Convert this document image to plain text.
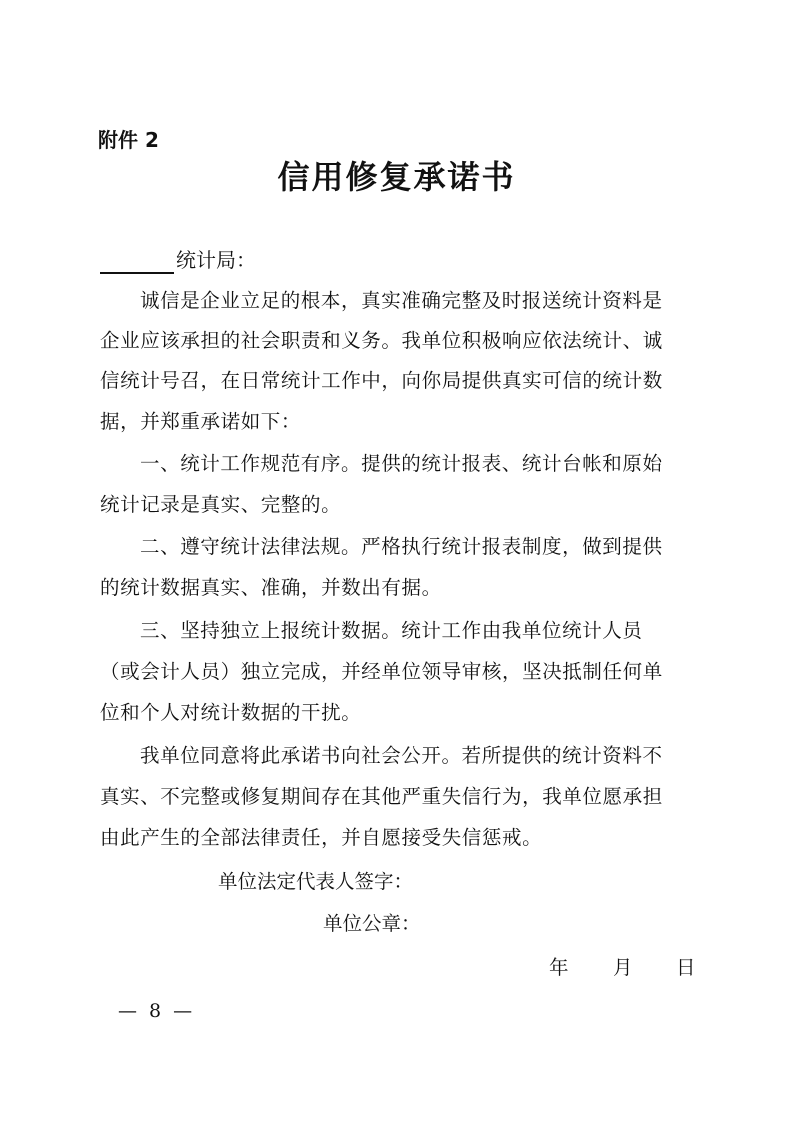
附件 2
信用修复承诺书
统计局：
诚信是企业立足的根本，真实准确完整及时报送统计资料是
企业应该承担的社会职责和义务。我单位积极响应依法统计、诚
信统计号召，在日常统计工作中，向你局提供真实可信的统计数
据，并郑重承诺如下：
一、统计工作规范有序。提供的统计报表、统计台帐和原始
统计记录是真实、完整的。
二、遵守统计法律法规。严格执行统计报表制度，做到提供
的统计数据真实、准确，并数出有据。
三、坚持独立上报统计数据。统计工作由我单位统计人员
（或会计人员）独立完成，并经单位领导审核，坚决抵制任何单
位和个人对统计数据的干扰。
我单位同意将此承诺书向社会公开。若所提供的统计资料不
真实、不完整或修复期间存在其他严重失信行为，我单位愿承担
由此产生的全部法律责任，并自愿接受失信惩戒。
单位法定代表人签字：
单位公章：
年 月 日
— 8 —
